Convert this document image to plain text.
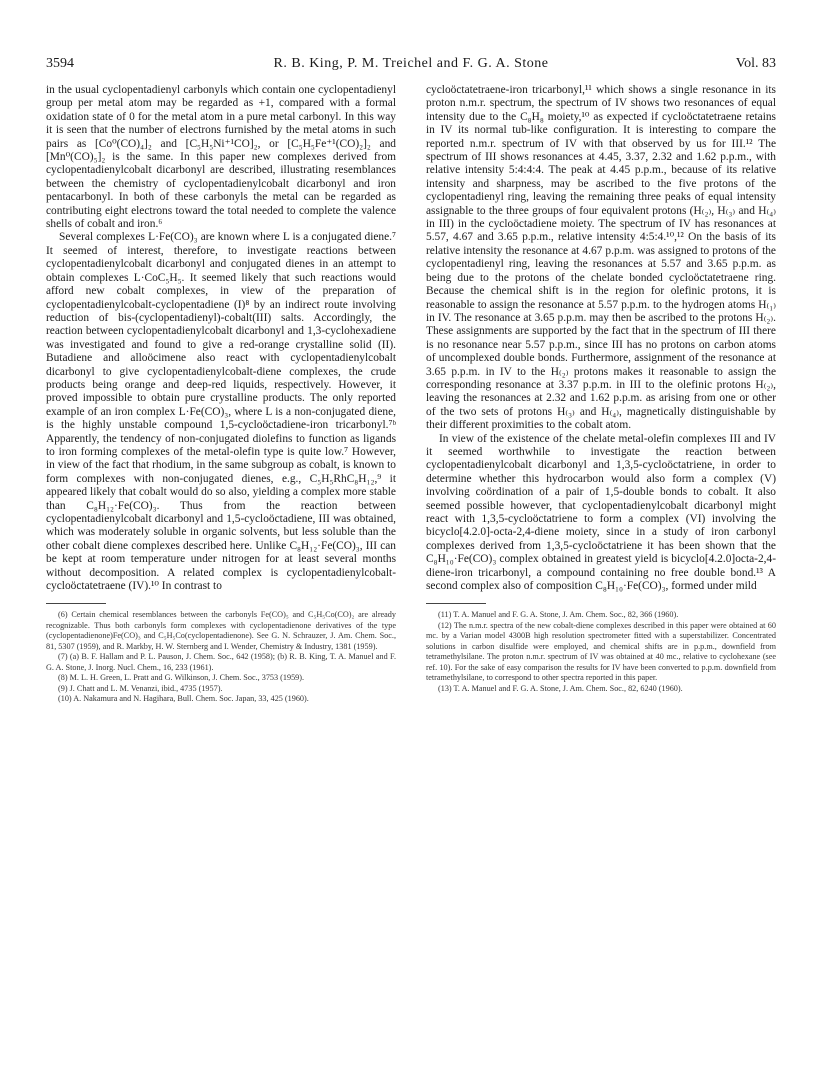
3594	R. B. King, P. M. Treichel and F. G. A. Stone	Vol. 83

in the usual cyclopentadienyl carbonyls which contain one cyclopentadienyl group per metal atom may be regarded as +1, compared with a formal oxidation state of 0 for the metal atom in a pure metal carbonyl. In this way it is seen that the number of electrons furnished by the metal atoms in such pairs as [Co⁰(CO)₄]₂ and [C₅H₅Ni⁺¹CO]₂, or [C₅H₅Fe⁺¹(CO)₂]₂ and [Mn⁰(CO)₅]₂ is the same. In this paper new complexes derived from cyclopentadienylcobalt dicarbonyl are described, illustrating resemblances between the chemistry of cyclopentadienylcobalt dicarbonyl and iron pentacarbonyl. In both of these carbonyls the metal can be regarded as contributing eight electrons toward the total needed to complete the valence shells of cobalt and iron.⁶

Several complexes L·Fe(CO)₃ are known where L is a conjugated diene.⁷ It seemed of interest, therefore, to investigate reactions between cyclopentadienylcobalt dicarbonyl and conjugated dienes in an attempt to obtain complexes L·CoC₅H₅. It seemed likely that such reactions would afford new cobalt complexes, in view of the preparation of cyclopentadienylcobalt-cyclopentadiene (I)⁸ by an indirect route involving reduction of bis-(cyclopentadienyl)-cobalt(III) salts. Accordingly, the reaction between cyclopentadienylcobalt dicarbonyl and 1,3-cyclohexadiene was investigated and found to give a red-orange crystalline solid (II). Butadiene and alloöcimene also react with cyclopentadienylcobalt dicarbonyl to give cyclopentadienylcobalt-diene complexes, the crude products being orange and deep-red liquids, respectively. However, it proved impossible to obtain pure crystalline products. The only reported example of an iron complex L·Fe(CO)₃, where L is a non-conjugated diene, is the highly unstable compound 1,5-cycloöctadiene-iron tricarbonyl.⁷ᵇ Apparently, the tendency of non-conjugated diolefins to function as ligands to iron forming complexes of the metal-olefin type is quite low.⁷ However, in view of the fact that rhodium, in the same subgroup as cobalt, is known to form complexes with non-conjugated dienes, e.g., C₅H₅RhC₈H₁₂,⁹ it appeared likely that cobalt would do so also, yielding a complex more stable than C₈H₁₂·Fe(CO)₃. Thus from the reaction between cyclopentadienylcobalt dicarbonyl and 1,5-cycloöctadiene, III was obtained, which was moderately soluble in organic solvents, but less soluble than the other cobalt diene complexes described here. Unlike C₈H₁₂·Fe(CO)₃, III can be kept at room temperature under nitrogen for at least several months without decomposition. A related complex is cyclopentadienylcobalt-cycloöctatetraene (IV).¹⁰ In contrast to

(6) Certain chemical resemblances between the carbonyls Fe(CO)₅ and C₅H₅Co(CO)₂ are already recognizable. Thus both carbonyls form complexes with cyclopentadienone derivatives of the type (cyclopentadienone)Fe(CO)₃ and C₅H₅Co(cyclopentadienone). See G. N. Schrauzer, J. Am. Chem. Soc., 81, 5307 (1959), and R. Markby, H. W. Sternberg and I. Wender, Chemistry & Industry, 1381 (1959).

(7) (a) B. F. Hallam and P. L. Pauson, J. Chem. Soc., 642 (1958); (b) R. B. King, T. A. Manuel and F. G. A. Stone, J. Inorg. Nucl. Chem., 16, 233 (1961).

(8) M. L. H. Green, L. Pratt and G. Wilkinson, J. Chem. Soc., 3753 (1959).

(9) J. Chatt and L. M. Venanzi, ibid., 4735 (1957).

(10) A. Nakamura and N. Hagihara, Bull. Chem. Soc. Japan, 33, 425 (1960).

cycloöctatetraene-iron tricarbonyl,¹¹ which shows a single resonance in its proton n.m.r. spectrum, the spectrum of IV shows two resonances of equal intensity due to the C₈H₈ moiety,¹⁰ as expected if cycloöctatetraene retains in IV its normal tub-like configuration. It is interesting to compare the reported n.m.r. spectrum of IV with that observed by us for III.¹² The spectrum of III shows resonances at 4.45, 3.37, 2.32 and 1.62 p.p.m., with relative intensity 5:4:4:4. The peak at 4.45 p.p.m., because of its relative intensity and sharpness, may be ascribed to the five protons of the cyclopentadienyl ring, leaving the remaining three peaks of equal intensity assignable to the three groups of four equivalent protons (H₍₂₎, H₍₃₎ and H₍₄₎ in III) in the cycloöctadiene moiety. The spectrum of IV has resonances at 5.57, 4.67 and 3.65 p.p.m., relative intensity 4:5:4.¹⁰,¹² On the basis of its relative intensity the resonance at 4.67 p.p.m. was assigned to protons of the cyclopentadienyl ring, leaving the resonances at 5.57 and 3.65 p.p.m. as being due to the protons of the chelate bonded cycloöctatetraene ring. Because the chemical shift is in the region for olefinic protons, it is reasonable to assign the resonance at 5.57 p.p.m. to the hydrogen atoms H₍₁₎ in IV. The resonance at 3.65 p.p.m. may then be ascribed to the protons H₍₂₎. These assignments are supported by the fact that in the spectrum of III there is no resonance near 5.57 p.p.m., since III has no protons on carbon atoms of uncomplexed double bonds. Furthermore, assignment of the resonance at 3.65 p.p.m. in IV to the H₍₂₎ protons makes it reasonable to assign the corresponding resonance at 3.37 p.p.m. in III to the olefinic protons H₍₂₎, leaving the resonances at 2.32 and 1.62 p.p.m. as arising from one or other of the two sets of protons H₍₃₎ and H₍₄₎, magnetically distinguishable by their different proximities to the cobalt atom.

In view of the existence of the chelate metal-olefin complexes III and IV it seemed worthwhile to investigate the reaction between cyclopentadienylcobalt dicarbonyl and 1,3,5-cycloöctatriene, in order to determine whether this hydrocarbon would also form a complex (V) involving coördination of a pair of 1,5-double bonds to cobalt. It also seemed possible however, that cyclopentadienylcobalt dicarbonyl might react with 1,3,5-cycloöctatriene to form a complex (VI) involving the bicyclo[4.2.0]-octa-2,4-diene moiety, since in a study of iron carbonyl complexes derived from 1,3,5-cycloöctatriene it has been shown that the C₈H₁₀·Fe(CO)₃ complex obtained in greatest yield is bicyclo[4.2.0]octa-2,4-diene-iron tricarbonyl, a compound containing no free double bond.¹³ A second complex also of composition C₈H₁₀·Fe(CO)₃, formed under mild

(11) T. A. Manuel and F. G. A. Stone, J. Am. Chem. Soc., 82, 366 (1960).

(12) The n.m.r. spectra of the new cobalt-diene complexes described in this paper were obtained at 60 mc. by a Varian model 4300B high resolution spectrometer fitted with a superstabilizer. Concentrated solutions in carbon disulfide were employed, and chemical shifts are in p.p.m., downfield from tetramethylsilane. The proton n.m.r. spectrum of IV was obtained at 40 mc., relative to cyclohexane (see ref. 10). For the sake of easy comparison the results for IV have been converted to p.p.m. downfield from tetramethylsilane, to correspond to other spectra reported in this paper.

(13) T. A. Manuel and F. G. A. Stone, J. Am. Chem. Soc., 82, 6240 (1960).
